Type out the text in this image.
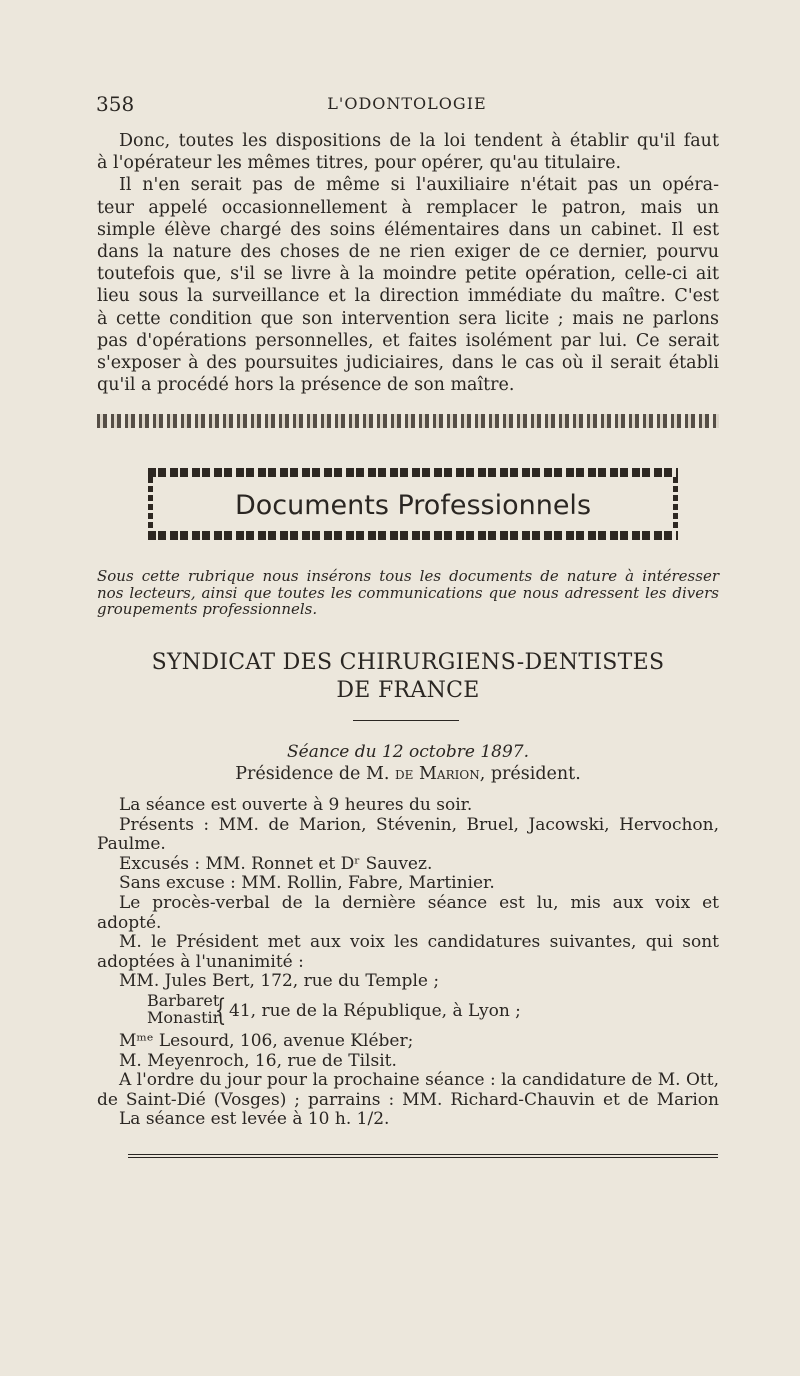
358	L'ODONTOLOGIE
Donc, toutes les dispositions de la loi tendent à établir qu'il faut
à l'opérateur les mêmes titres, pour opérer, qu'au titulaire.
Il n'en serait pas de même si l'auxiliaire n'était pas un opéra-
teur appelé occasionnellement à remplacer le patron, mais un
simple élève chargé des soins élémentaires dans un cabinet. Il est
dans la nature des choses de ne rien exiger de ce dernier, pourvu
toutefois que, s'il se livre à la moindre petite opération, celle-ci ait
lieu sous la surveillance et la direction immédiate du maître. C'est
à cette condition que son intervention sera licite ; mais ne parlons
pas d'opérations personnelles, et faites isolément par lui. Ce serait
s'exposer à des poursuites judiciaires, dans le cas où il serait établi
qu'il a procédé hors la présence de son maître.
Documents Professionnels
Sous cette rubrique nous insérons tous les documents de nature à intéresser
nos lecteurs, ainsi que toutes les communications que nous adressent les divers
groupements professionnels.
SYNDICAT DES CHIRURGIENS-DENTISTES
DE FRANCE
Séance du 12 octobre 1897.
Présidence de M. de Marion, président.
La séance est ouverte à 9 heures du soir.
Présents : MM. de Marion, Stévenin, Bruel, Jacowski, Hervochon,
Paulme.
Excusés : MM. Ronnet et Dʳ Sauvez.
Sans excuse : MM. Rollin, Fabre, Martinier.
Le procès-verbal de la dernière séance est lu, mis aux voix et
adopté.
M. le Président met aux voix les candidatures suivantes, qui sont
adoptées à l'unanimité :
MM. Jules Bert, 172, rue du Temple ;
Barbaret
Monastir
{ 41, rue de la République, à Lyon ;
Mᵐᵉ Lesourd, 106, avenue Kléber;
M. Meyenroch, 16, rue de Tilsit.
A l'ordre du jour pour la prochaine séance : la candidature de M. Ott,
de Saint-Dié (Vosges) ; parrains : MM. Richard-Chauvin et de Marion
La séance est levée à 10 h. 1/2.
